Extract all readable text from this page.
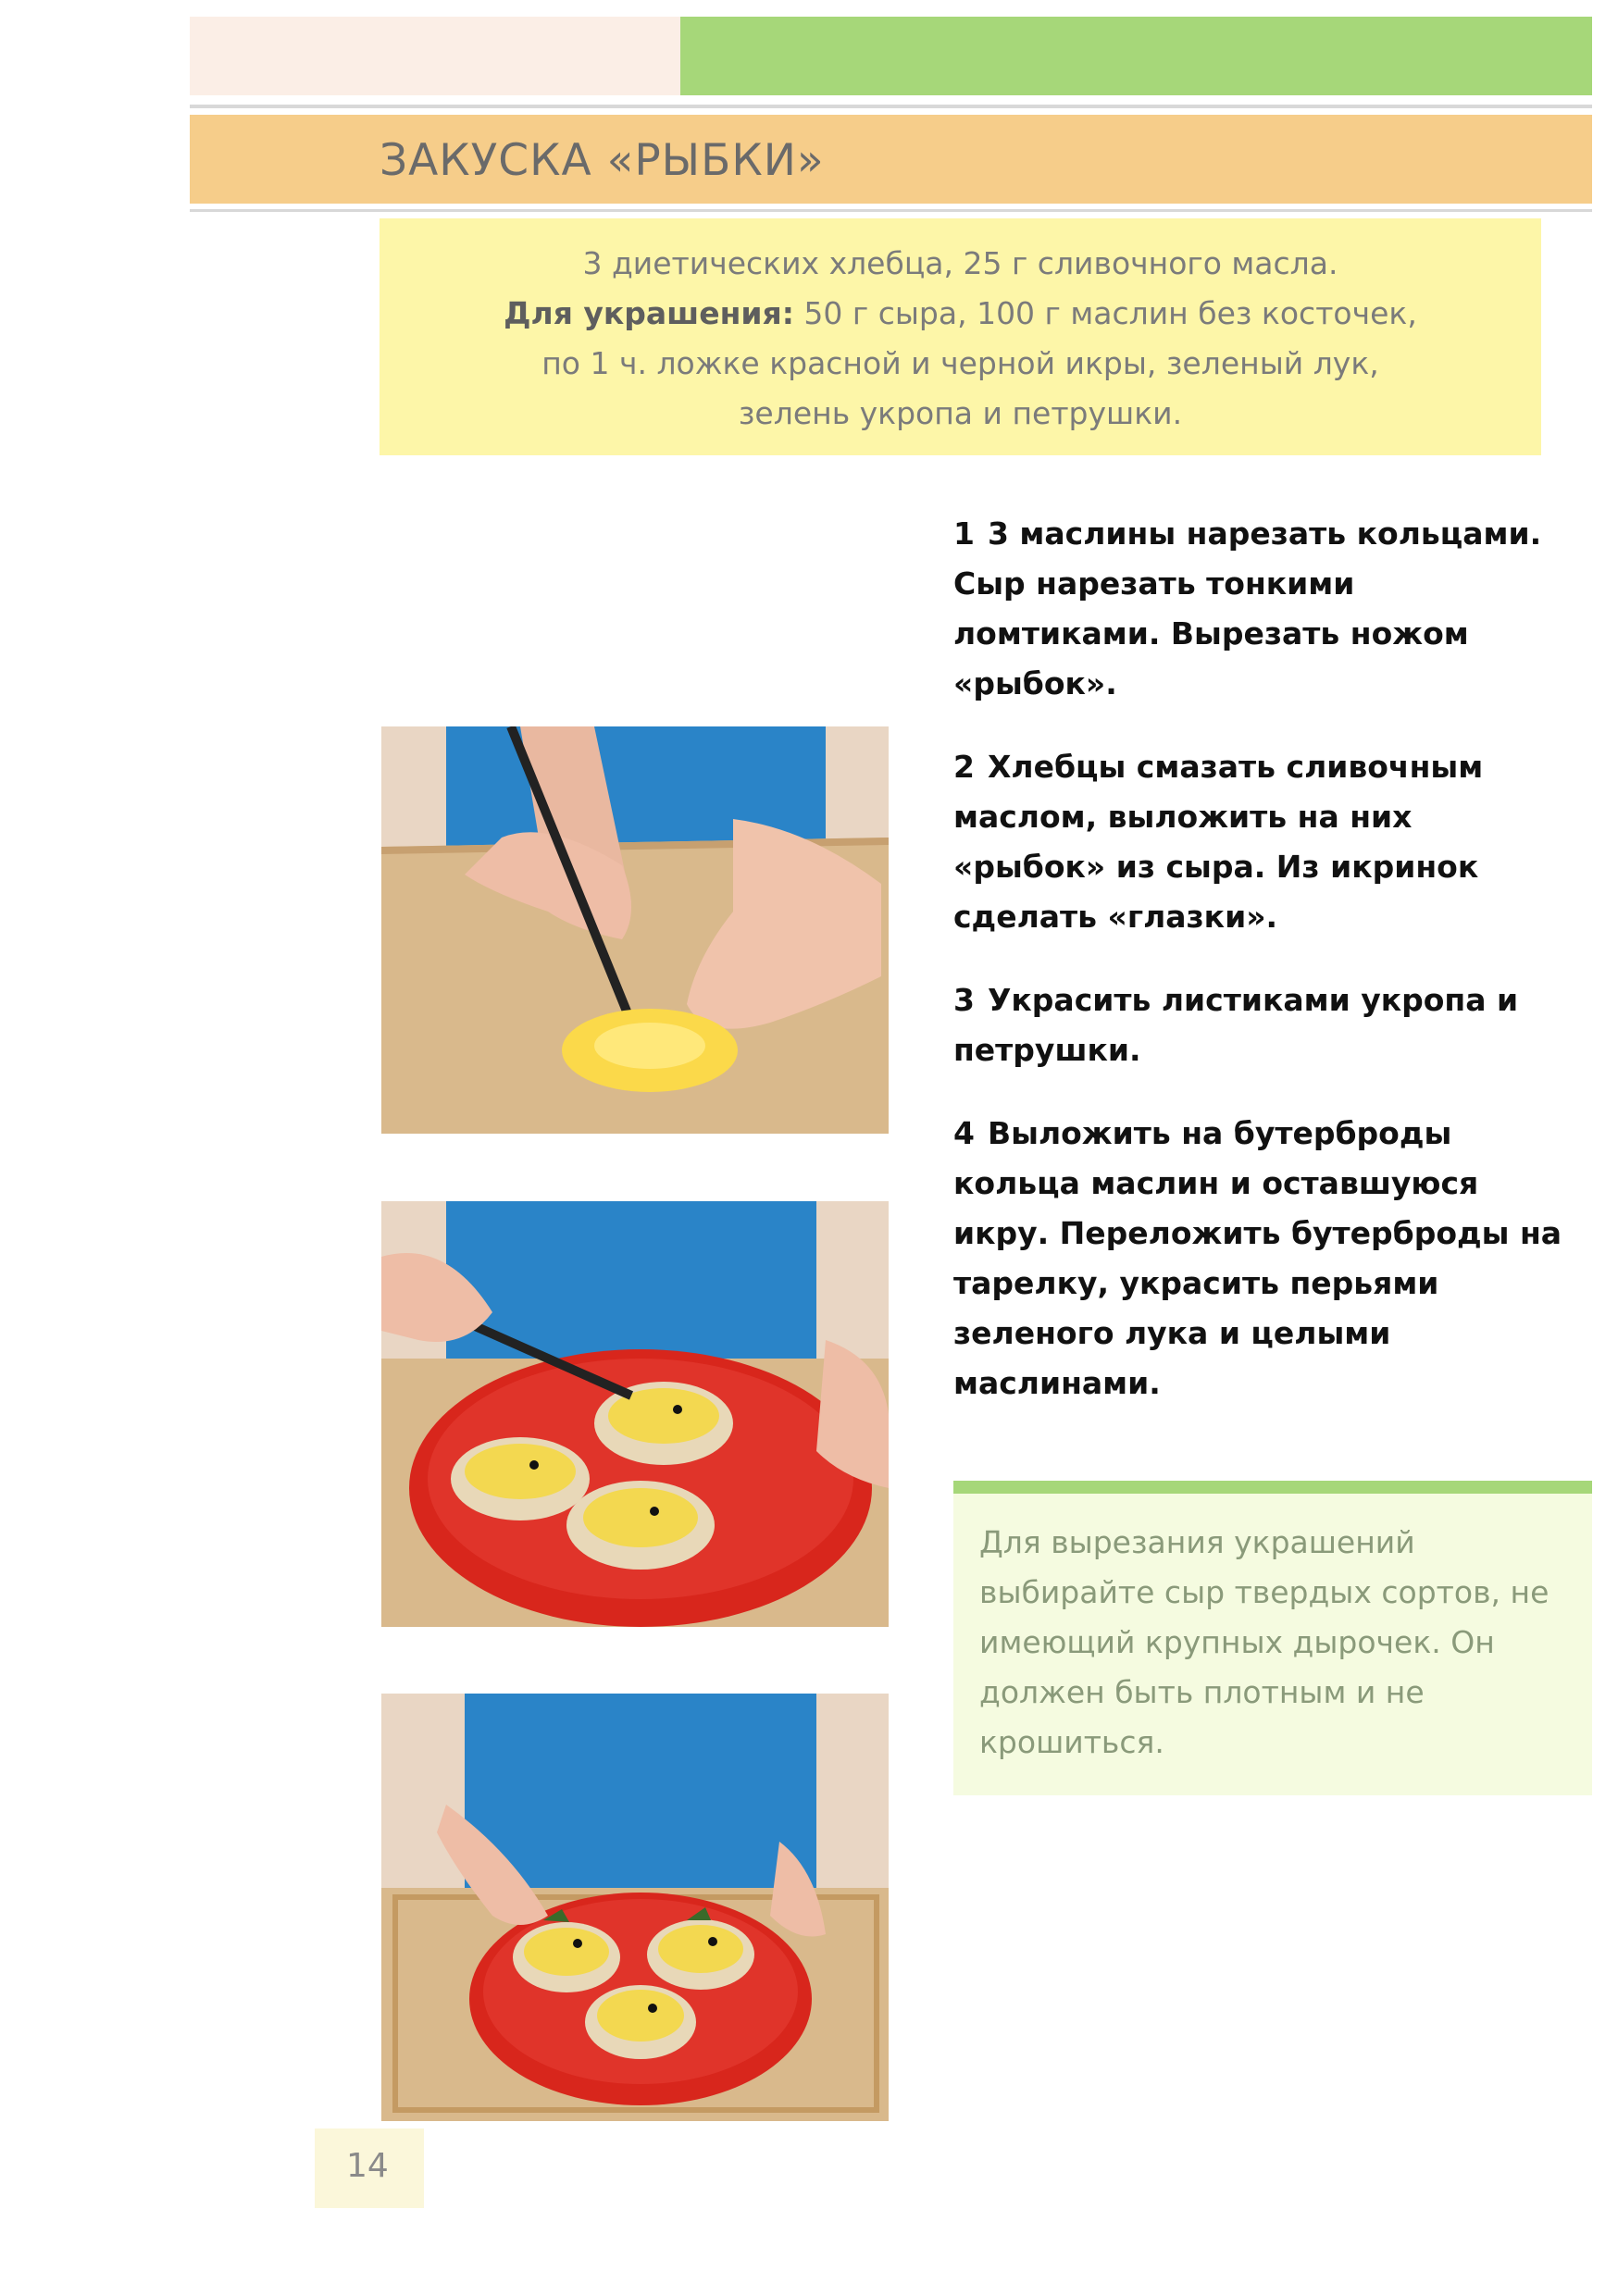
ЗАКУСКА «РЫБКИ»
3 диетических хлебца, 25 г сливочного масла.
Для украшения: 50 г сыра, 100 г маслин без косточек,
по 1 ч. ложке красной и черной икры, зеленый лук,
зелень укропа и петрушки.
1 3 маслины нарезать кольцами. Сыр нарезать тонкими ломтиками. Вырезать ножом «рыбок».
2 Хлебцы смазать сливочным маслом, выложить на них «рыбок» из сыра. Из икринок сделать «глазки».
3 Украсить листиками укропа и петрушки.
4 Выложить на бутерброды кольца маслин и оставшуюся икру. Переложить бутерброды на тарелку, украсить перьями зеленого лука и целыми маслинами.
Для вырезания украшений выбирайте сыр твердых сортов, не имеющий крупных дырочек. Он должен быть плотным и не крошиться.
14
